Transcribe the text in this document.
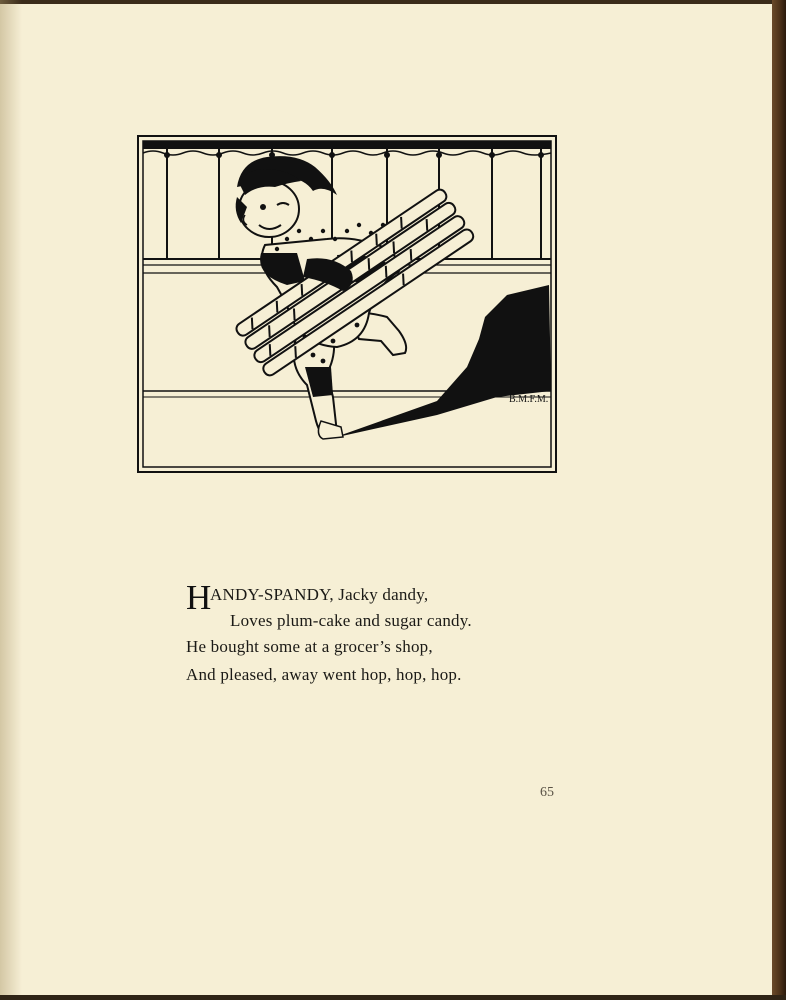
B.M.F.M.
H
ANDY-SPANDY, Jacky dandy,
Loves plum-cake and sugar candy.
He bought some at a grocer’s shop,
And pleased, away went hop, hop, hop.
65
